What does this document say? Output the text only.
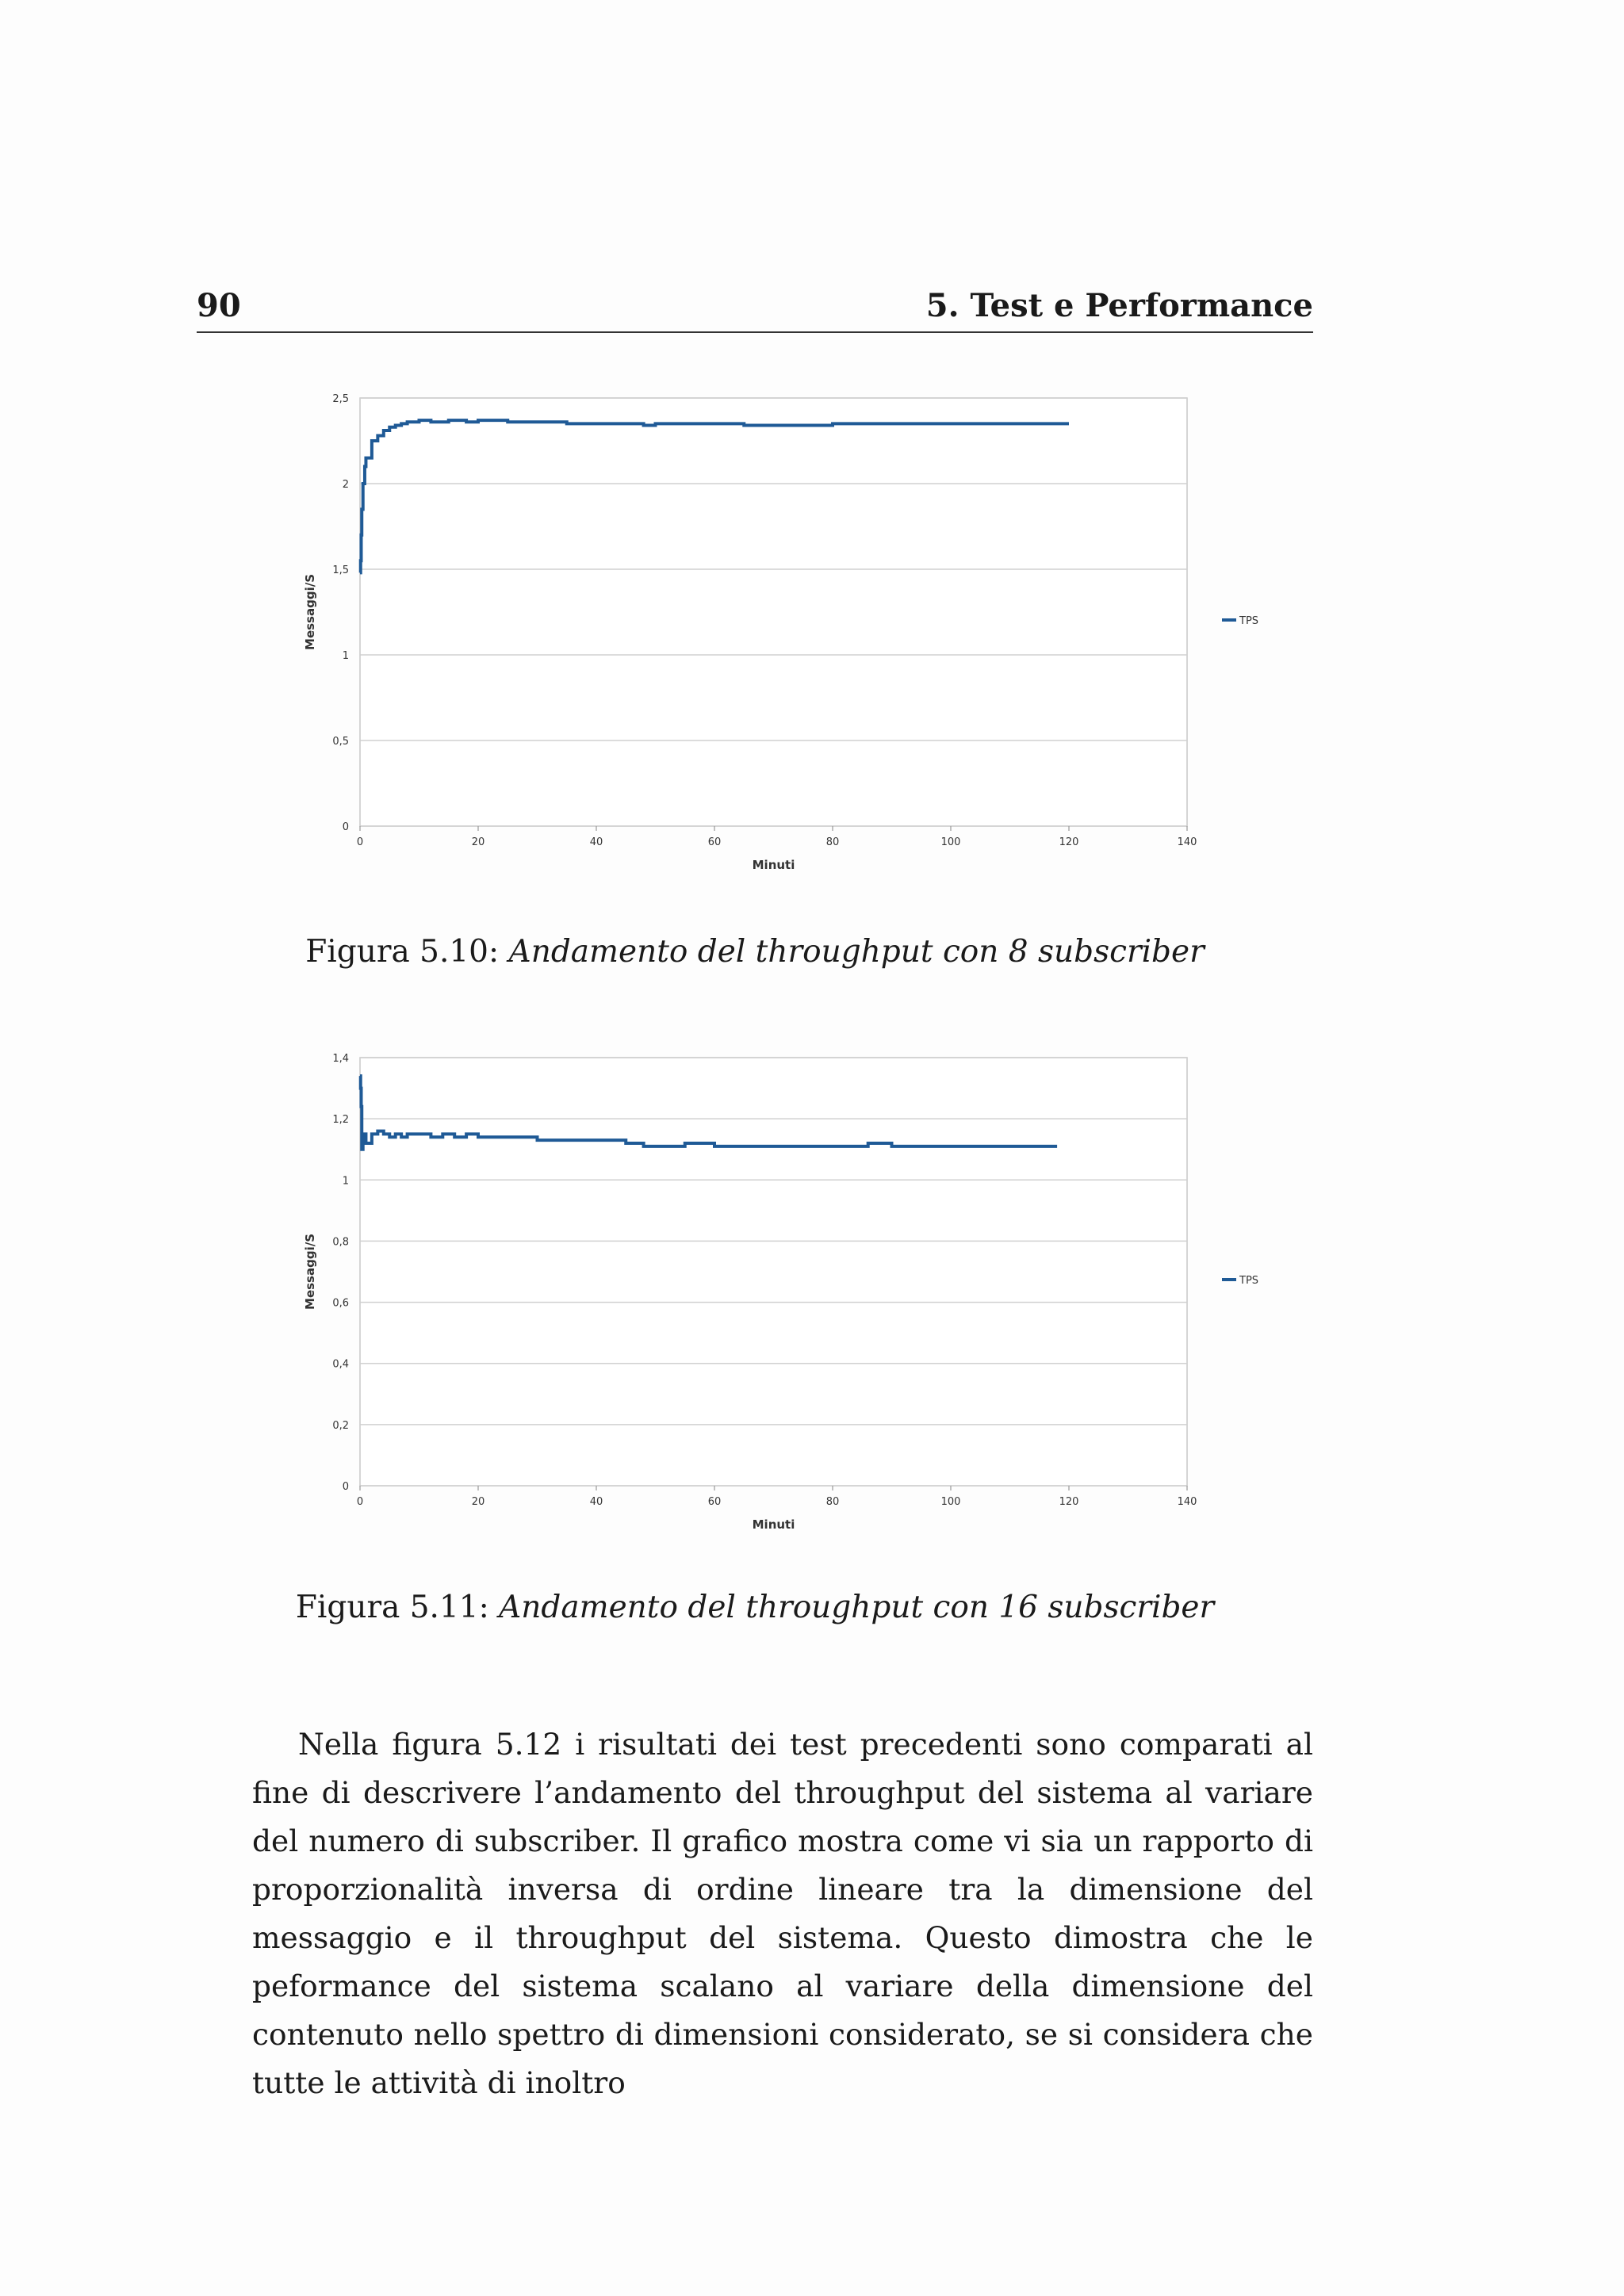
90	5. Test e Performance
0
0,5
1
1,5
2
2,5
0	20	40	60	80	100	120	140
Minuti
Messaggi/S	TPS
Figura 5.10: Andamento del throughput con 8 subscriber
0
0,2
0,4
0,6
0,8
1
1,2
1,4
0	20	40	60	80	100	120	140
Minuti
Messaggi/S	TPS
Figura 5.11: Andamento del throughput con 16 subscriber

Nella figura 5.12 i risultati dei test precedenti sono comparati al fine di descrivere l’andamento del throughput del sistema al variare del numero di subscriber. Il grafico mostra come vi sia un rapporto di proporzionalità inversa di ordine lineare tra la dimensione del messaggio e il throughput del sistema. Questo dimostra che le peformance del sistema scalano al variare della dimensione del contenuto nello spettro di dimensioni considerato, se si considera che tutte le attività di inoltro
